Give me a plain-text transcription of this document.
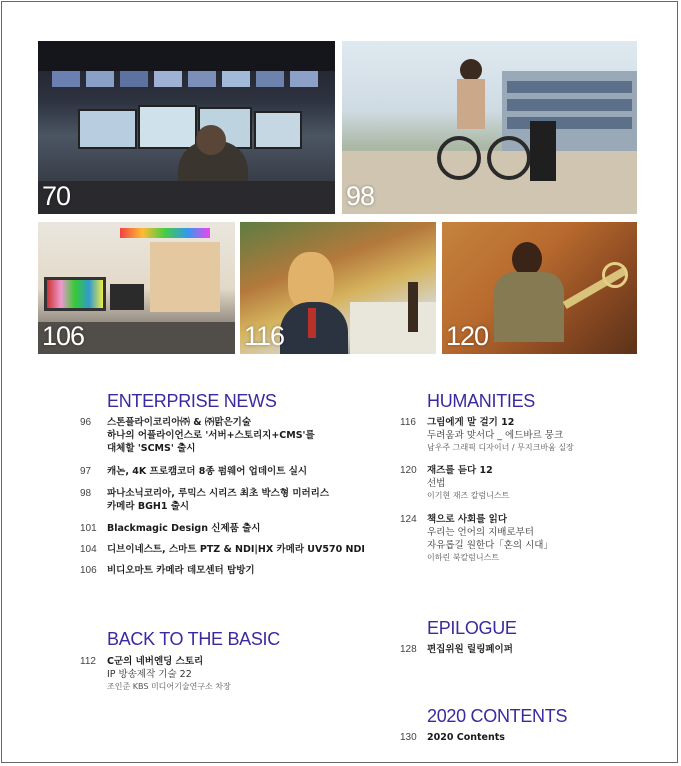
70	98
106	116	120
ENTERPRISE NEWS
96	스톤플라이코리아㈜ & ㈜맑은기술
하나의 어플라이언스로 '서버+스토리지+CMS'를
대체할 'SCMS' 출시
97	캐논, 4K 프로캠코더 8종 펌웨어 업데이트 실시
98	파나소닉코리아, 루믹스 시리즈 최초 박스형 미러리스
카메라 BGH1 출시
101	Blackmagic Design 신제품 출시
104	디브이네스트, 스마트 PTZ & NDI|HX 카메라 UV570 NDI
106	비디오마트 카메라 데모센터 탐방기
BACK TO THE BASIC
112	C군의 네버엔딩 스토리
IP 방송제작 기술 22
조인준 KBS 미디어기술연구소 차장
HUMANITIES
116	그림에게 말 걸기 12
두려움과 맞서다 _ 에드바르 뭉크
남우주 그래픽 디자이너 / 무지크바움 실장
120	재즈를 듣다 12
선법
이기현 재즈 칼럼니스트
124	책으로 사회를 읽다
우리는 언어의 지배로부터
자유롭길 원한다「혼의 시대」
이하린 북칼럼니스트
EPILOGUE
128	편집위원 릴링페이퍼
2020 CONTENTS
130	2020 Contents
